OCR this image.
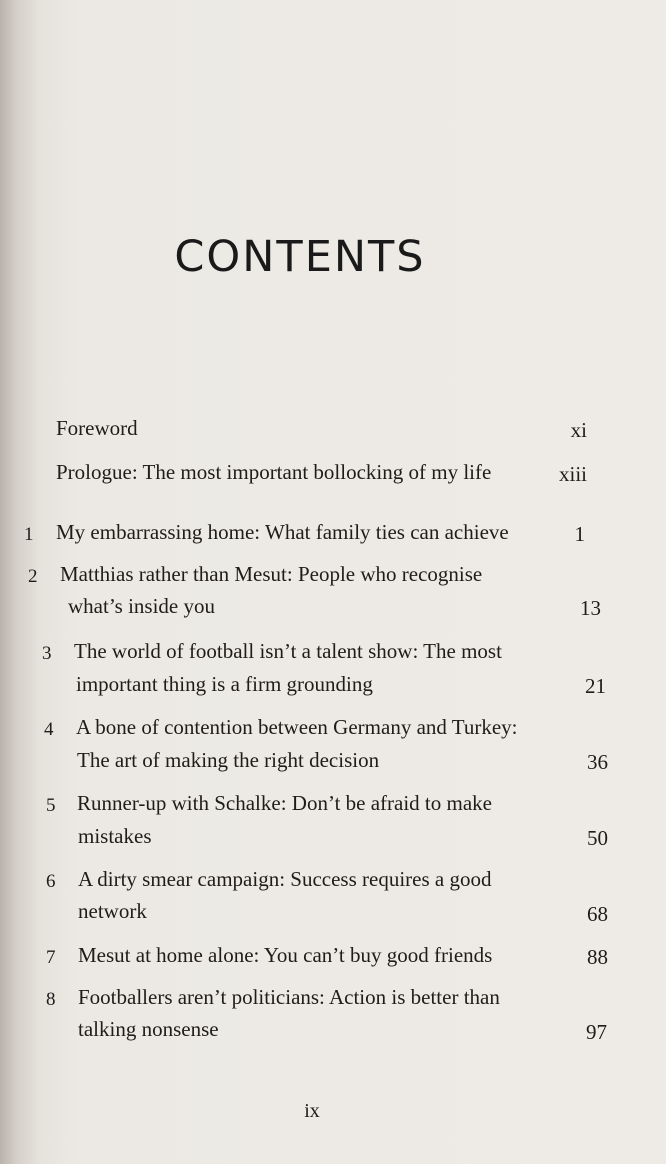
CONTENTS
Foreword	xi
Prologue: The most important bollocking of my life	xiii
1 My embarrassing home: What family ties can achieve	1
2 Matthias rather than Mesut: People who recognise
what’s inside you	13
3 The world of football isn’t a talent show: The most
important thing is a firm grounding	21
4 A bone of contention between Germany and Turkey:
The art of making the right decision	36
5 Runner-up with Schalke: Don’t be afraid to make
mistakes	50
6 A dirty smear campaign: Success requires a good
network	68
7 Mesut at home alone: You can’t buy good friends	88
8 Footballers aren’t politicians: Action is better than
talking nonsense	97
ix
